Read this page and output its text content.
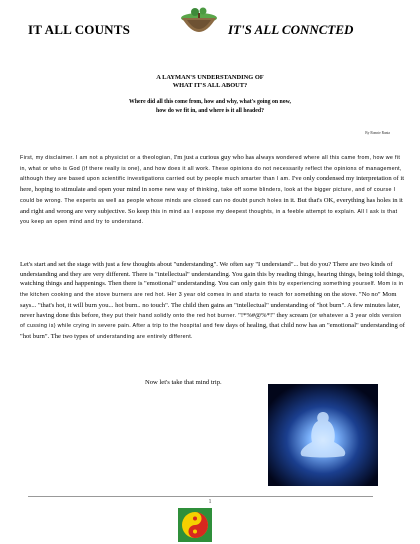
IT ALL COUNTS	IT'S ALL CONNCTED
A LAYMAN'S UNDERSTANDING OF
WHAT IT'S ALL ABOUT?
Where did all this come from, how and why, what's going on now,
how do we fit in, and where is it all headed?
By Ronnie Ranta
First, my disclaimer. I am not a physicist or a theologian, I'm just a curious guy who has always wondered where all this came from, how we fit in, what or who is God (if there really is one), and how does it all work. These opinions do not necessarily reflect the opinions of management, although they are based upon scientific investigations carried out by people much smarter than I am. I've only condensed my interpretation of it here, hoping to stimulate and open your mind in some new way of thinking, take off some blinders, look at the bigger picture, and of course I could be wrong. The experts as well as people whose minds are closed can no doubt punch holes in it. But that's OK, everything has holes in it and right and wrong are very subjective. So keep this in mind as I expose my deepest thoughts, in a feeble attempt to explain. All I ask is that you keep an open mind and try to understand.
Let's start and set the stage with just a few thoughts about "understanding". We often say "I understand"... but do you? There are two kinds of understanding and they are very different. There is "intellectual" understanding. You gain this by reading things, hearing things, being told things, watching things and happenings. Then there is "emotional" understanding. You can only gain this by experiencing something yourself. Mom is in the kitchen cooking and the stove burners are red hot. Her 3 year old comes in and starts to reach for something on the stove. "No no" Mom says... "that's hot, it will burn you... hot burn.. no touch". The child then gains an "intellectual" understanding of "hot burn". A few minutes later, never having done this before, they put their hand solidly onto the red hot burner. "!*%#@%*!" they scream (or whatever a 3 year olds version of cussing is) while crying in severe pain. After a trip to the hospital and few days of healing, that child now has an "emotional" understanding of "hot burn". The two types of understanding are entirely different.
Now let's take that mind trip.
1
